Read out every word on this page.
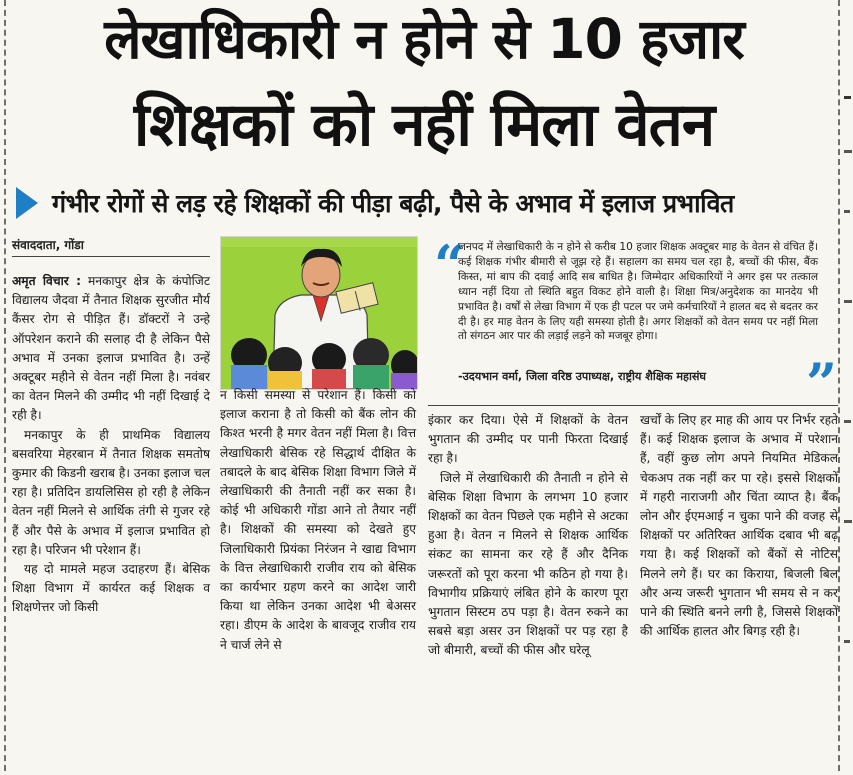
लेखाधिकारी न होने से 10 हजार
शिक्षकों को नहीं मिला वेतन
गंभीर रोगों से लड़ रहे शिक्षकों की पीड़ा बढ़ी, पैसे के अभाव में इलाज प्रभावित
संवाददाता, गोंडा

अमृत विचार : मनकापुर क्षेत्र के कंपोजिट विद्यालय जैदवा में तैनात शिक्षक सुरजीत मौर्य कैंसर रोग से पीड़ित हैं। डॉक्टरों ने उन्हे ऑपरेशन कराने की सलाह दी है लेकिन पैसे अभाव में उनका इलाज प्रभावित है। उन्हें अक्टूबर महीने से वेतन नहीं मिला है। नवंबर का वेतन मिलने की उम्मीद भी नहीं दिखाई दे रही है।

मनकापुर के ही प्राथमिक विद्यालय बसवरिया मेहरबान में तैनात शिक्षक समतोष कुमार की किडनी खराब है। उनका इलाज चल रहा है। प्रतिदिन डायलिसिस हो रही है लेकिन वेतन नहीं मिलने से आर्थिक तंगी से गुजर रहे हैं और पैसे के अभाव में इलाज प्रभावित हो रहा है। परिजन भी परेशान हैं।

यह दो मामले महज उदाहरण हैं। बेसिक शिक्षा विभाग में कार्यरत कई शिक्षक व शिक्षणेत्तर जो किसी

न किसी समस्या से परेशान हैं। किसी को इलाज कराना है तो किसी को बैंक लोन की किश्त भरनी है मगर वेतन नहीं मिला है। वित्त लेखाधिकारी बेसिक रहे सिद्धार्थ दीक्षित के तबादले के बाद बेसिक शिक्षा विभाग जिले में लेखाधिकारी की तैनाती नहीं कर सका है। कोई भी अधिकारी गोंडा आने तो तैयार नहीं है। शिक्षकों की समस्या को देखते हुए जिलाधिकारी प्रियंका निरंजन ने खाद्य विभाग के वित्त लेखाधिकारी राजीव राय को बेसिक का कार्यभार ग्रहण करने का आदेश जारी किया था लेकिन उनका आदेश भी बेअसर रहा। डीएम के आदेश के बावजूद राजीव राय ने चार्ज लेने से

“
जनपद में लेखाधिकारी के न होने से करीब 10 हजार शिक्षक अक्टूबर माह के वेतन से वंचित हैं। कई शिक्षक गंभीर बीमारी से जूझ रहे हैं। सहालग का समय चल रहा है, बच्चों की फीस, बैंक किस्त, मां बाप की दवाई आदि सब बाधित है। जिम्मेदार अधिकारियों ने अगर इस पर तत्काल ध्यान नहीं दिया तो स्थिति बहुत विकट होने वाली है। शिक्षा मित्र/अनुदेशक का मानदेय भी प्रभावित है। वर्षों से लेखा विभाग में एक ही पटल पर जमे कर्मचारियों ने हालत बद से बदतर कर दी है। हर माह वेतन के लिए यही समस्या होती है। अगर शिक्षकों को वेतन समय पर नहीं मिला तो संगठन आर पार की लड़ाई लड़ने को मजबूर होगा।
-उदयभान वर्मा, जिला वरिष्ठ उपाध्यक्ष, राष्ट्रीय शैक्षिक महासंघ	”

इंकार कर दिया। ऐसे में शिक्षकों के वेतन भुगतान की उम्मीद पर पानी फिरता दिखाई रहा है।

जिले में लेखाधिकारी की तैनाती न होने से बेसिक शिक्षा विभाग के लगभग 10 हजार शिक्षकों का वेतन पिछले एक महीने से अटका हुआ है। वेतन न मिलने से शिक्षक आर्थिक संकट का सामना कर रहे हैं और दैनिक जरूरतों को पूरा करना भी कठिन हो गया है। विभागीय प्रक्रियाएं लंबित होने के कारण पूरा भुगतान सिस्टम ठप पड़ा है। वेतन रुकने का सबसे बड़ा असर उन शिक्षकों पर पड़ रहा है जो बीमारी, बच्चों की फीस और घरेलू

खर्चों के लिए हर माह की आय पर निर्भर रहते हैं। कई शिक्षक इलाज के अभाव में परेशान हैं, वहीं कुछ लोग अपने नियमित मेडिकल चेकअप तक नहीं कर पा रहे। इससे शिक्षकों में गहरी नाराजगी और चिंता व्याप्त है। बैंक लोन और ईएमआई न चुका पाने की वजह से शिक्षकों पर अतिरिक्त आर्थिक दबाव भी बढ़ गया है। कई शिक्षकों को बैंकों से नोटिस मिलने लगे हैं। घर का किराया, बिजली बिल और अन्य जरूरी भुगतान भी समय से न कर पाने की स्थिति बनने लगी है, जिससे शिक्षकों की आर्थिक हालत और बिगड़ रही है।
